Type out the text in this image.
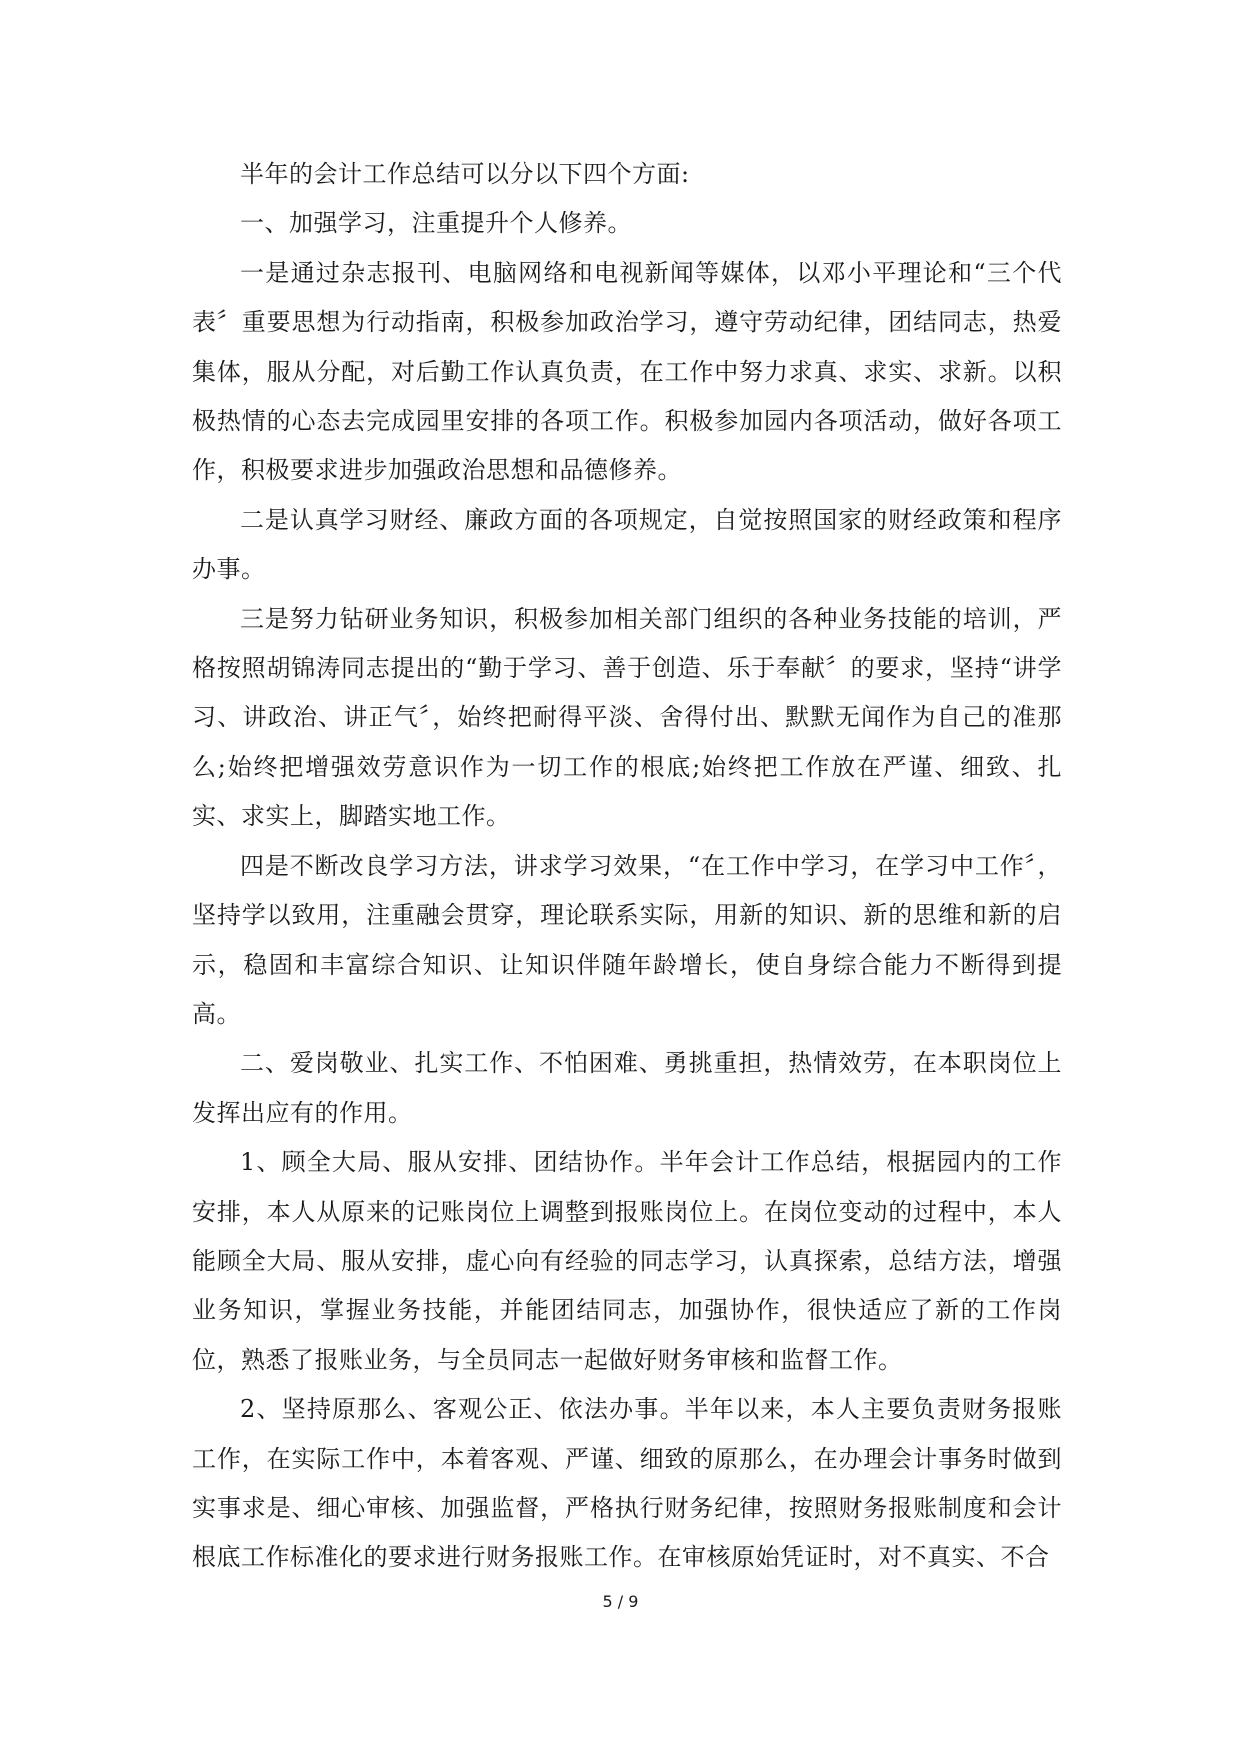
半年的会计工作总结可以分以下四个方面:

一、加强学习，注重提升个人修养。

一是通过杂志报刊、电脑网络和电视新闻等媒体，以邓小平理论和“三个代表〞重要思想为行动指南，积极参加政治学习，遵守劳动纪律，团结同志，热爱集体，服从分配，对后勤工作认真负责，在工作中努力求真、求实、求新。以积极热情的心态去完成园里安排的各项工作。积极参加园内各项活动，做好各项工作，积极要求进步加强政治思想和品德修养。

二是认真学习财经、廉政方面的各项规定，自觉按照国家的财经政策和程序办事。

三是努力钻研业务知识，积极参加相关部门组织的各种业务技能的培训，严格按照胡锦涛同志提出的“勤于学习、善于创造、乐于奉献〞的要求，坚持“讲学习、讲政治、讲正气〞，始终把耐得平淡、舍得付出、默默无闻作为自己的准那么;始终把增强效劳意识作为一切工作的根底;始终把工作放在严谨、细致、扎实、求实上，脚踏实地工作。

四是不断改良学习方法，讲求学习效果，“在工作中学习，在学习中工作〞，坚持学以致用，注重融会贯穿，理论联系实际，用新的知识、新的思维和新的启示，稳固和丰富综合知识、让知识伴随年龄增长，使自身综合能力不断得到提高。

二、爱岗敬业、扎实工作、不怕困难、勇挑重担，热情效劳，在本职岗位上发挥出应有的作用。

1、顾全大局、服从安排、团结协作。半年会计工作总结，根据园内的工作安排，本人从原来的记账岗位上调整到报账岗位上。在岗位变动的过程中，本人能顾全大局、服从安排，虚心向有经验的同志学习，认真探索，总结方法，增强业务知识，掌握业务技能，并能团结同志，加强协作，很快适应了新的工作岗位，熟悉了报账业务，与全员同志一起做好财务审核和监督工作。

2、坚持原那么、客观公正、依法办事。半年以来，本人主要负责财务报账工作，在实际工作中，本着客观、严谨、细致的原那么，在办理会计事务时做到实事求是、细心审核、加强监督，严格执行财务纪律，按照财务报账制度和会计根底工作标准化的要求进行财务报账工作。在审核原始凭证时，对不真实、不合

5 / 9
